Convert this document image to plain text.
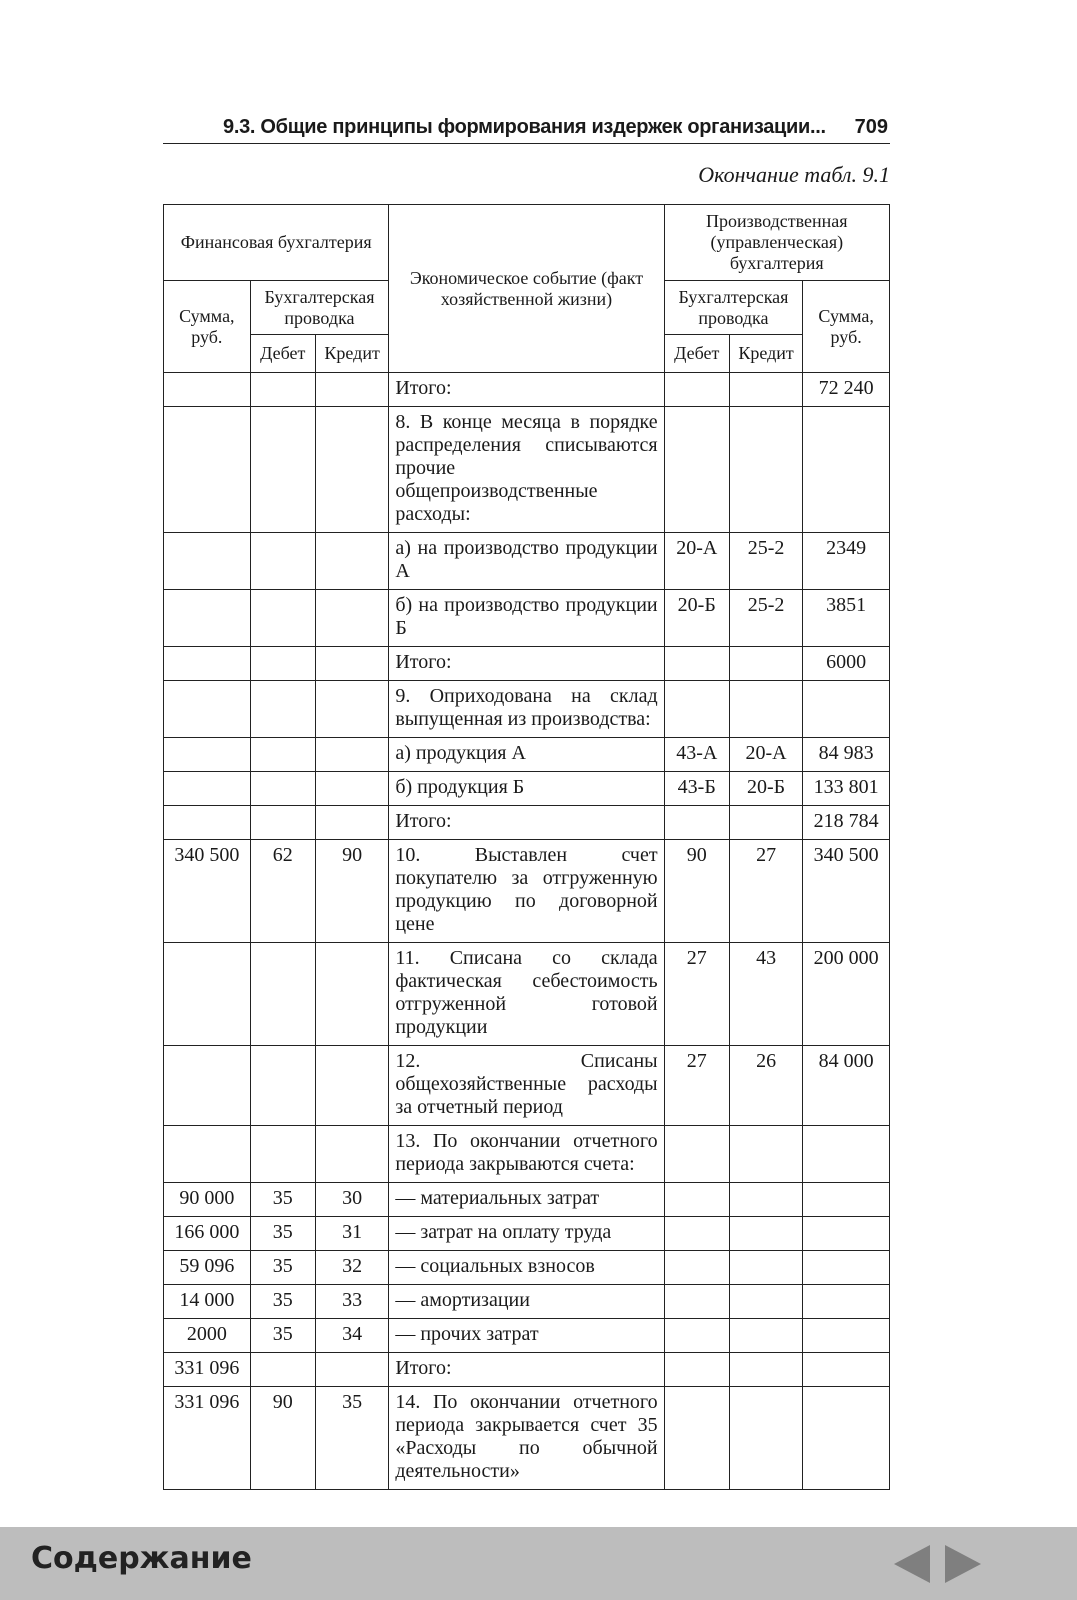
9.3. Общие принципы формирования издержек организации... 709
Окончание табл. 9.1
Финансовая бухгалтерия			Экономическое событие (факт хозяйственной жизни)	Производственная (управленческая) бухгалтерия		
Сумма, руб.	Бухгалтерская проводка			Бухгалтерская проводка		Сумма, руб.
	Дебет	Кредит		Дебет	Кредит	
			Итого:			72 240
			8. В конце месяца в порядке распределения списываются прочие общепроизводственные расходы:			
			а) на производство продукции А	20-А	25-2	2349
			б) на производство продукции Б	20-Б	25-2	3851
			Итого:			6000
			9. Оприходована на склад выпущенная из производства:			
			а) продукция А	43-А	20-А	84 983
			б) продукция Б	43-Б	20-Б	133 801
			Итого:			218 784
340 500	62	90	10. Выставлен счет покупателю за отгруженную продукцию по договорной цене	90	27	340 500
			11. Списана со склада фактическая себестоимость отгруженной готовой продукции	27	43	200 000
			12. Списаны общехозяйственные расходы за отчетный период	27	26	84 000
			13. По окончании отчетного периода закрываются счета:			
90 000	35	30	— материальных затрат			
166 000	35	31	— затрат на оплату труда			
59 096	35	32	— социальных взносов			
14 000	35	33	— амортизации			
2000	35	34	— прочих затрат			
331 096			Итого:			
331 096	90	35	14. По окончании отчетного периода закрывается счет 35 «Расходы по обычной деятельности»			
Содержание
